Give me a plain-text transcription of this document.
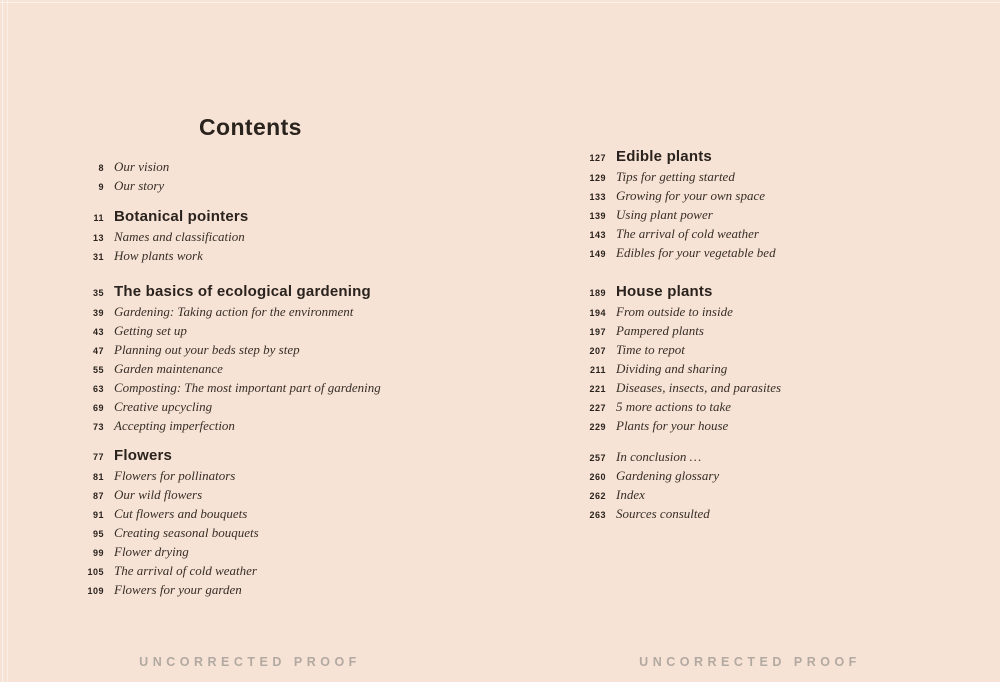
Contents
8 Our vision
9 Our story
11 Botanical pointers
13 Names and classification
31 How plants work
35 The basics of ecological gardening
39 Gardening: Taking action for the environment
43 Getting set up
47 Planning out your beds step by step
55 Garden maintenance
63 Composting: The most important part of gardening
69 Creative upcycling
73 Accepting imperfection
77 Flowers
81 Flowers for pollinators
87 Our wild flowers
91 Cut flowers and bouquets
95 Creating seasonal bouquets
99 Flower drying
105 The arrival of cold weather
109 Flowers for your garden
127 Edible plants
129 Tips for getting started
133 Growing for your own space
139 Using plant power
143 The arrival of cold weather
149 Edibles for your vegetable bed
189 House plants
194 From outside to inside
197 Pampered plants
207 Time to repot
211 Dividing and sharing
221 Diseases, insects, and parasites
227 5 more actions to take
229 Plants for your house
257 In conclusion …
260 Gardening glossary
262 Index
263 Sources consulted
UNCORRECTED PROOF	UNCORRECTED PROOF
